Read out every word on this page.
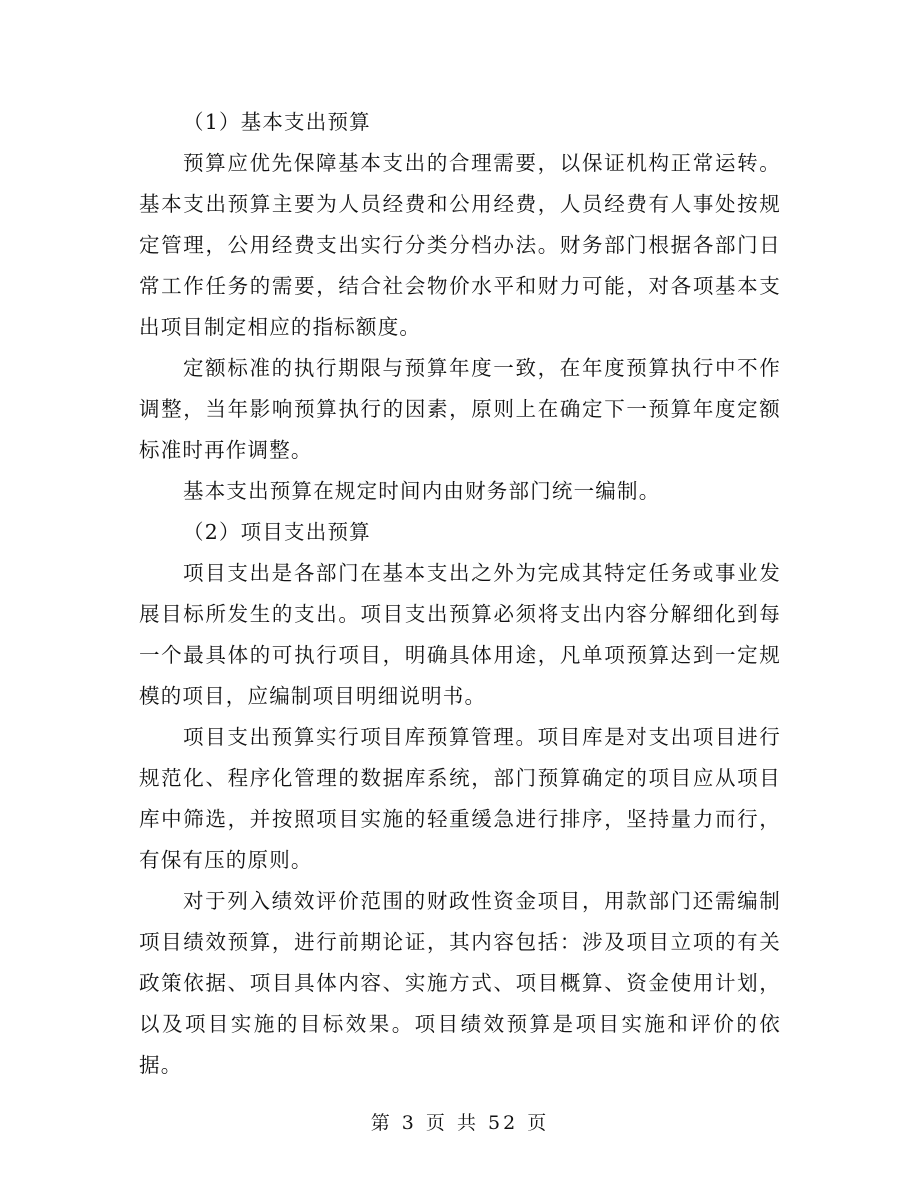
（1）基本支出预算

预算应优先保障基本支出的合理需要，以保证机构正常运转。基本支出预算主要为人员经费和公用经费，人员经费有人事处按规定管理，公用经费支出实行分类分档办法。财务部门根据各部门日常工作任务的需要，结合社会物价水平和财力可能，对各项基本支出项目制定相应的指标额度。

定额标准的执行期限与预算年度一致，在年度预算执行中不作调整，当年影响预算执行的因素，原则上在确定下一预算年度定额标准时再作调整。

基本支出预算在规定时间内由财务部门统一编制。

（2）项目支出预算

项目支出是各部门在基本支出之外为完成其特定任务或事业发展目标所发生的支出。项目支出预算必须将支出内容分解细化到每一个最具体的可执行项目，明确具体用途，凡单项预算达到一定规模的项目，应编制项目明细说明书。

项目支出预算实行项目库预算管理。项目库是对支出项目进行规范化、程序化管理的数据库系统，部门预算确定的项目应从项目库中筛选，并按照项目实施的轻重缓急进行排序，坚持量力而行，有保有压的原则。

对于列入绩效评价范围的财政性资金项目，用款部门还需编制项目绩效预算，进行前期论证，其内容包括：涉及项目立项的有关政策依据、项目具体内容、实施方式、项目概算、资金使用计划，以及项目实施的目标效果。项目绩效预算是项目实施和评价的依据。

第 3 页 共 52 页
